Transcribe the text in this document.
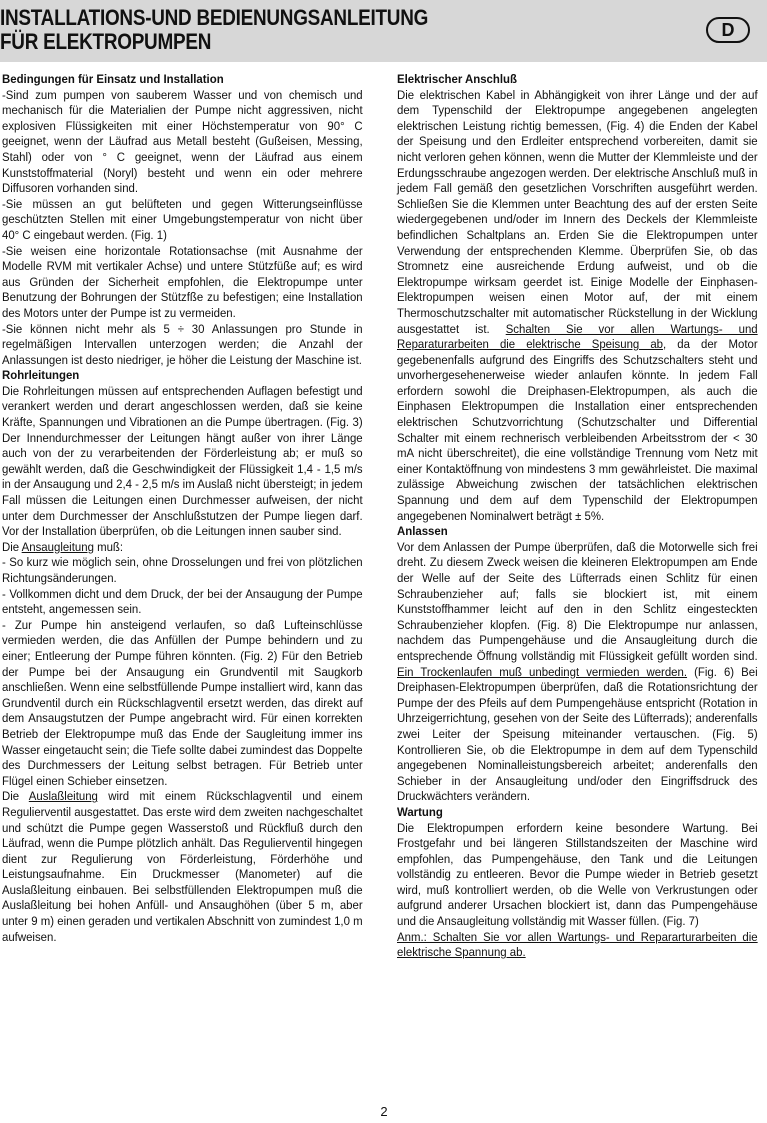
INSTALLATIONS-UND BEDIENUNGSANLEITUNG
FÜR ELEKTROPUMPEN	D

Bedingungen für Einsatz und Installation

-Sind zum pumpen von sauberem Wasser und von chemisch und mechanisch für die Materialien der Pumpe nicht aggressiven, nicht explosiven Flüssigkeiten mit einer Höchstemperatur von 90° C geeignet, wenn der Läufrad aus Metall besteht (Gußeisen, Messing, Stahl) oder von ° C geeignet, wenn der Läufrad aus einem Kunststoffmaterial (Noryl) besteht und wenn ein oder mehrere Diffusoren vorhanden sind.

-Sie müssen an gut belüfteten und gegen Witterungseinflüsse geschützten Stellen mit einer Umgebungstemperatur von nicht über 40° C eingebaut werden. (Fig. 1)

-Sie weisen eine horizontale Rotationsachse (mit Ausnahme der Modelle RVM mit vertikaler Achse) und untere Stützfüße auf; es wird aus Gründen der Sicherheit empfohlen, die Elektropumpe unter Benutzung der Bohrungen der Stützfße zu befestigen; eine Installation des Motors unter der Pumpe ist zu vermeiden.

-Sie können nicht mehr als 5 ÷ 30 Anlassungen pro Stunde in regelmäßigen Intervallen unterzogen werden; die Anzahl der Anlassungen ist desto niedriger, je höher die Leistung der Maschine ist.

Rohrleitungen

Die Rohrleitungen müssen auf entsprechenden Auflagen befestigt und verankert werden und derart angeschlossen werden, daß sie keine Kräfte, Spannungen und Vibrationen an die Pumpe übertragen. (Fig. 3) Der Innendurchmesser der Leitungen hängt außer von ihrer Länge auch von der zu verarbeitenden der Förderleistung ab; er muß so gewählt werden, daß die Geschwindigkeit der Flüssigkeit 1,4 - 1,5 m/s in der Ansaugung und 2,4 - 2,5 m/s im Auslaß nicht übersteigt; in jedem Fall müssen die Leitungen einen Durchmesser aufweisen, der nicht unter dem Durchmesser der Anschlußstutzen der Pumpe liegen darf. Vor der Installation überprüfen, ob die Leitungen innen sauber sind.

Die Ansaugleitung muß:

- So kurz wie möglich sein, ohne Drosselungen und frei von plötzlichen Richtungsänderungen.

- Vollkommen dicht und dem Druck, der bei der Ansaugung der Pumpe entsteht, angemessen sein.

- Zur Pumpe hin ansteigend verlaufen, so daß Lufteinschlüsse vermieden werden, die das Anfüllen der Pumpe behindern und zu einer; Entleerung der Pumpe führen könnten. (Fig. 2) Für den Betrieb der Pumpe bei der Ansaugung ein Grundventil mit Saugkorb anschließen. Wenn eine selbstfüllende Pumpe installiert wird, kann das Grundventil durch ein Rückschlagventil ersetzt werden, das direkt auf dem Ansaugstutzen der Pumpe angebracht wird. Für einen korrekten Betrieb der Elektropumpe muß das Ende der Saugleitung immer ins Wasser eingetaucht sein; die Tiefe sollte dabei zumindest das Doppelte des Durchmessers der Leitung selbst betragen. Für Betrieb unter Flügel einen Schieber einsetzen.

Die Auslaßleitung wird mit einem Rückschlagventil und einem Regulierventil ausgestattet. Das erste wird dem zweiten nachgeschaltet und schützt die Pumpe gegen Wasserstoß und Rückfluß durch den Läufrad, wenn die Pumpe plötzlich anhält. Das Regulierventil hingegen dient zur Regulierung von Förderleistung, Förderhöhe und Leistungsaufnahme. Ein Druckmesser (Manometer) auf die Auslaßleitung einbauen. Bei selbstfüllenden Elektropumpen muß die Auslaßleitung bei hohen Anfüll- und Ansaughöhen (über 5 m, aber unter 9 m) einen geraden und vertikalen Abschnitt von zumindest 1,0 m aufweisen.

Elektrischer Anschluß

Die elektrischen Kabel in Abhängigkeit von ihrer Länge und der auf dem Typenschild der Elektropumpe angegebenen angelegten elektrischen Leistung richtig bemessen, (Fig. 4) die Enden der Kabel der Speisung und den Erdleiter entsprechend vorbereiten, damit sie nicht verloren gehen können, wenn die Mutter der Klemmleiste und der Erdungsschraube angezogen werden. Der elektrische Anschluß muß in jedem Fall gemäß den gesetzlichen Vorschriften ausgeführt werden. Schließen Sie die Klemmen unter Beachtung des auf der ersten Seite wiedergegebenen und/oder im Innern des Deckels der Klemmleiste befindlichen Schaltplans an. Erden Sie die Elektropumpen unter Verwendung der entsprechenden Klemme. Überprüfen Sie, ob das Stromnetz eine ausreichende Erdung aufweist, und ob die Elektropumpe wirksam geerdet ist. Einige Modelle der Einphasen-Elektropumpen weisen einen Motor auf, der mit einem Thermoschutzschalter mit automatischer Rückstellung in der Wicklung ausgestattet ist. Schalten Sie vor allen Wartungs- und Reparaturarbeiten die elektrische Speisung ab, da der Motor gegebenenfalls aufgrund des Eingriffs des Schutzschalters steht und unvorhergesehenerweise wieder anlaufen könnte. In jedem Fall erfordern sowohl die Dreiphasen-Elektropumpen, als auch die Einphasen Elektropumpen die Installation einer entsprechenden elektrischen Schutzvorrichtung (Schutzschalter und Differential Schalter mit einem rechnerisch verbleibenden Arbeitsstrom der < 30 mA nicht überschreitet), die eine vollständige Trennung vom Netz mit einer Kontaktöffnung von mindestens 3 mm gewährleistet. Die maximal zulässige Abweichung zwischen der tatsächlichen elektrischen Spannung und dem auf dem Typenschild der Elektropumpen angegebenen Nominalwert beträgt ± 5%.

Anlassen

Vor dem Anlassen der Pumpe überprüfen, daß die Motorwelle sich frei dreht. Zu diesem Zweck weisen die kleineren Elektropumpen am Ende der Welle auf der Seite des Lüfterrads einen Schlitz für einen Schraubenzieher auf; falls sie blockiert ist, mit einem Kunststoffhammer leicht auf den in den Schlitz eingesteckten Schraubenzieher klopfen. (Fig. 8) Die Elektropumpe nur anlassen, nachdem das Pumpengehäuse und die Ansaugleitung durch die entsprechende Öffnung vollständig mit Flüssigkeit gefüllt worden sind. Ein Trockenlaufen muß unbedingt vermieden werden. (Fig. 6) Bei Dreiphasen-Elektropumpen überprüfen, daß die Rotationsrichtung der Pumpe der des Pfeils auf dem Pumpengehäuse entspricht (Rotation in Uhrzeigerrichtung, gesehen von der Seite des Lüfterrads); anderenfalls zwei Leiter der Speisung miteinander vertauschen. (Fig. 5) Kontrollieren Sie, ob die Elektropumpe in dem auf dem Typenschild angegebenen Nominalleistungsbereich arbeitet; anderenfalls den Schieber in der Ansaugleitung und/oder den Eingriffsdruck des Druckwächters verändern.

Wartung

Die Elektropumpen erfordern keine besondere Wartung. Bei Frostgefahr und bei längeren Stillstandszeiten der Maschine wird empfohlen, das Pumpengehäuse, den Tank und die Leitungen vollständig zu entleeren. Bevor die Pumpe wieder in Betrieb gesetzt wird, muß kontrolliert werden, ob die Welle von Verkrustungen oder aufgrund anderer Ursachen blockiert ist, dann das Pumpengehäuse und die Ansaugleitung vollständig mit Wasser füllen. (Fig. 7)

Anm.: Schalten Sie vor allen Wartungs- und Repararturarbeiten die elektrische Spannung ab.

2
